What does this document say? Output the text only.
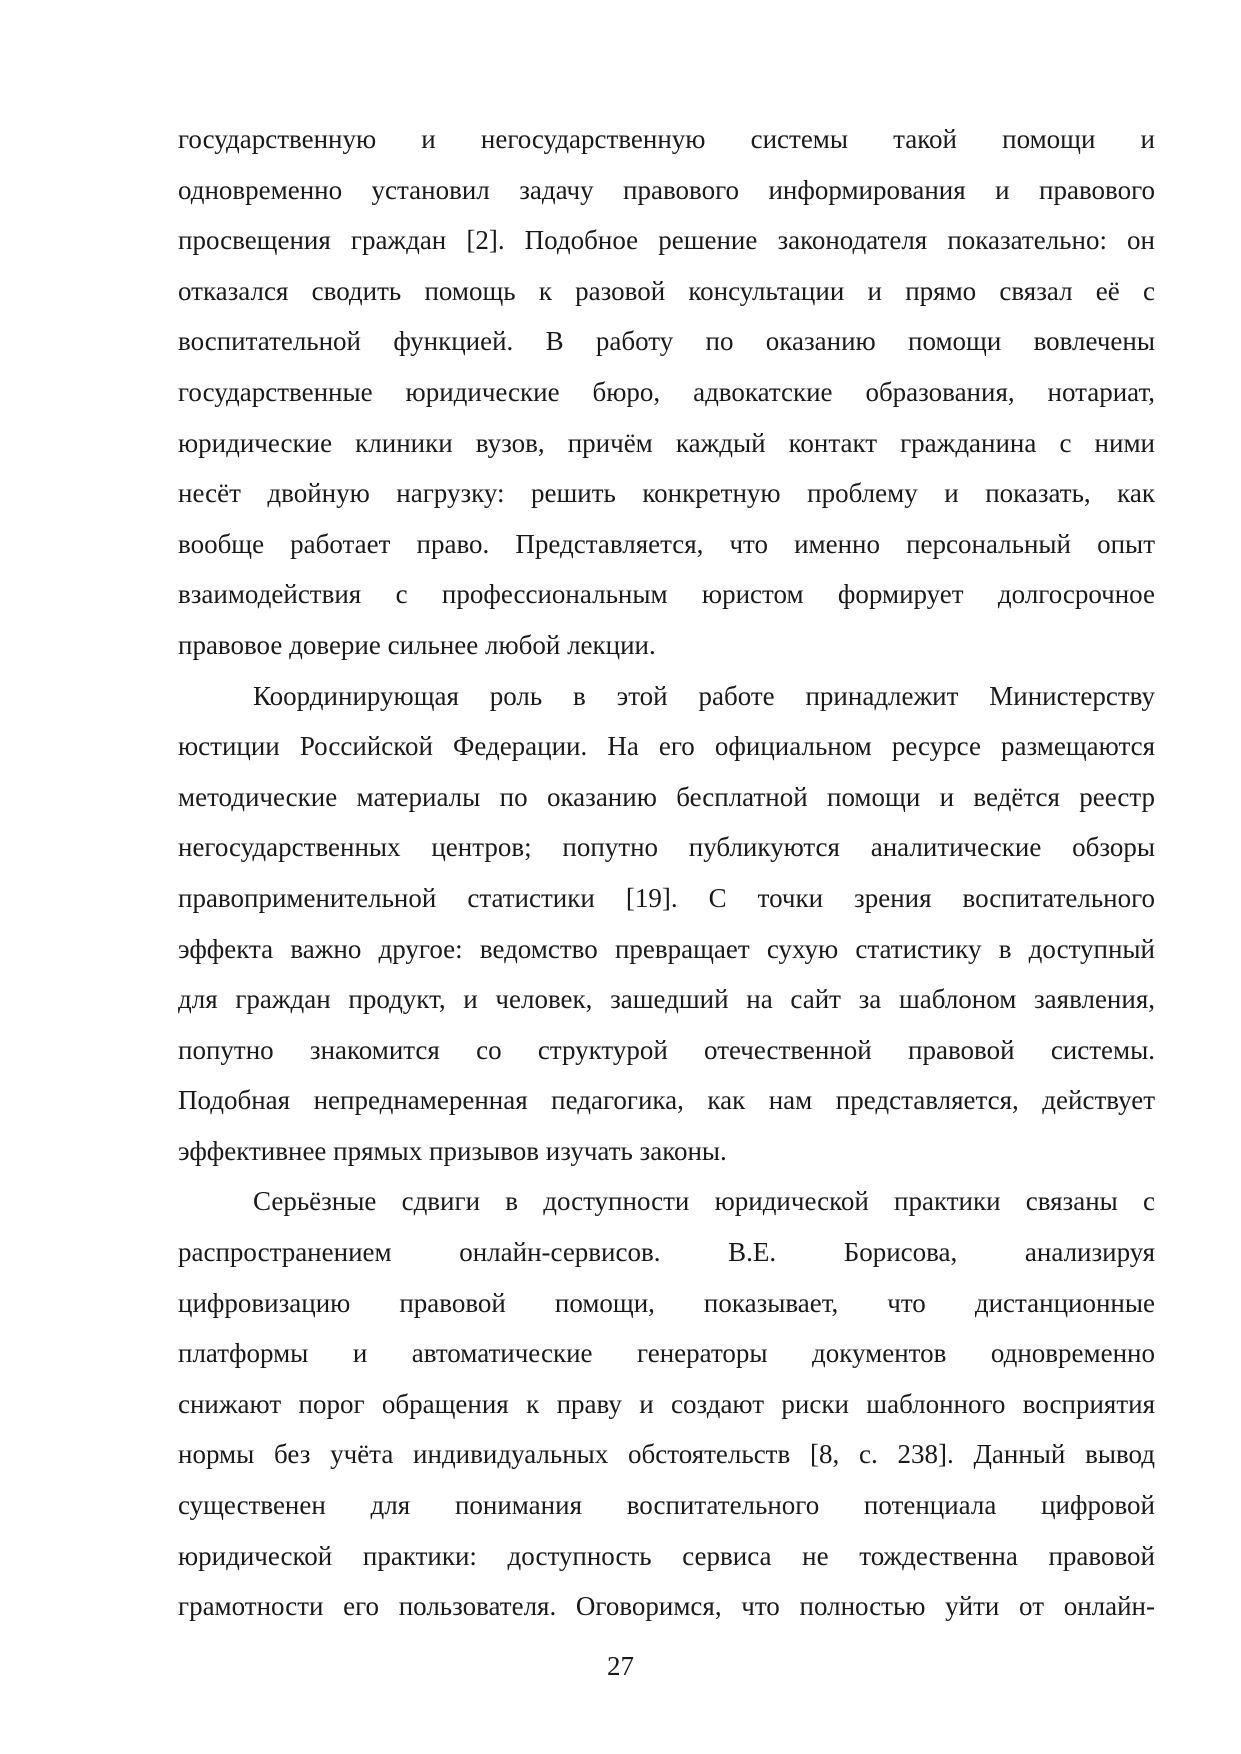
государственную и негосударственную системы такой помощи и
одновременно установил задачу правового информирования и правового
просвещения граждан [2]. Подобное решение законодателя показательно: он
отказался сводить помощь к разовой консультации и прямо связал её с
воспитательной функцией. В работу по оказанию помощи вовлечены
государственные юридические бюро, адвокатские образования, нотариат,
юридические клиники вузов, причём каждый контакт гражданина с ними
несёт двойную нагрузку: решить конкретную проблему и показать, как
вообще работает право. Представляется, что именно персональный опыт
взаимодействия с профессиональным юристом формирует долгосрочное
правовое доверие сильнее любой лекции.
Координирующая роль в этой работе принадлежит Министерству
юстиции Российской Федерации. На его официальном ресурсе размещаются
методические материалы по оказанию бесплатной помощи и ведётся реестр
негосударственных центров; попутно публикуются аналитические обзоры
правоприменительной статистики [19]. С точки зрения воспитательного
эффекта важно другое: ведомство превращает сухую статистику в доступный
для граждан продукт, и человек, зашедший на сайт за шаблоном заявления,
попутно знакомится со структурой отечественной правовой системы.
Подобная непреднамеренная педагогика, как нам представляется, действует
эффективнее прямых призывов изучать законы.
Серьёзные сдвиги в доступности юридической практики связаны с
распространением онлайн-сервисов. В.Е. Борисова, анализируя
цифровизацию правовой помощи, показывает, что дистанционные
платформы и автоматические генераторы документов одновременно
снижают порог обращения к праву и создают риски шаблонного восприятия
нормы без учёта индивидуальных обстоятельств [8, с. 238]. Данный вывод
существенен для понимания воспитательного потенциала цифровой
юридической практики: доступность сервиса не тождественна правовой
грамотности его пользователя. Оговоримся, что полностью уйти от онлайн-
27
